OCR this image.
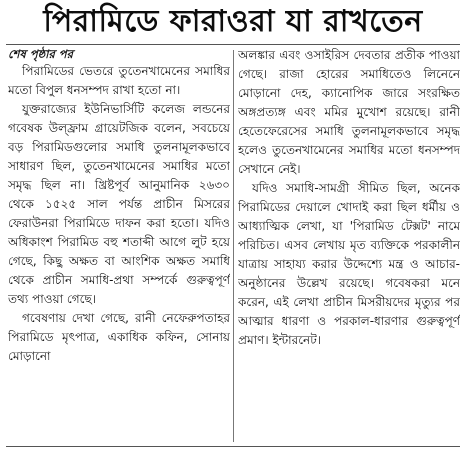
পিরামিডে ফারাওরা যা রাখতেন

শেষ পৃষ্ঠার পর

পিরামিডের ভেতরে তুতেনখামেনের সমাধির মতো বিপুল ধনসম্পদ রাখা হতো না।

যুক্তরাজ্যের ইউনিভার্সিটি কলেজ লন্ডনের গবেষক উল্ফ্রাম গ্রায়েটজিক বলেন, সবচেয়ে বড় পিরামিডগুলোর সমাধি তুলনামূলকভাবে সাধারণ ছিল, তুতেনখামেনের সমাধির মতো সমৃদ্ধ ছিল না। খ্রিষ্টপূর্ব আনুমানিক ২৬৩০ থেকে ১৫২৫ সাল পর্যন্ত প্রাচীন মিসরের ফেরাউনরা পিরামিডে দাফন করা হতো। যদিও অধিকাংশ পিরামিড বহু শতাব্দী আগে লুট হয়ে গেছে, কিছু অক্ষত বা আংশিক অক্ষত সমাধি থেকে প্রাচীন সমাধি-প্রথা সম্পর্কে গুরুত্বপূর্ণ তথ্য পাওয়া গেছে।

গবেষণায় দেখা গেছে, রানী নেফেরুপতাহর পিরামিডে মৃৎপাত্র, একাধিক কফিন, সোনায় মোড়ানো

অলঙ্কার এবং ওসাইরিস দেবতার প্রতীক পাওয়া গেছে। রাজা হোরের সমাধিতেও লিনেনে মোড়ানো দেহ, ক্যানোপিক জারে সংরক্ষিত অঙ্গপ্রত্যঙ্গ এবং মমির মুখোশ রয়েছে। রানী হেতেফেরেসের সমাধি তুলনামূলকভাবে সমৃদ্ধ হলেও তুতেনখামেনের সমাধির মতো ধনসম্পদ সেখানে নেই।

যদিও সমাধি-সামগ্রী সীমিত ছিল, অনেক পিরামিডের দেয়ালে খোদাই করা ছিল ধর্মীয় ও আধ্যাত্মিক লেখা, যা 'পিরামিড টেক্সট' নামে পরিচিত। এসব লেখায় মৃত ব্যক্তিকে পরকালীন যাত্রায় সাহায্য করার উদ্দেশ্যে মন্ত্র ও আচার-অনুষ্ঠানের উল্লেখ রয়েছে। গবেষকরা মনে করেন, এই লেখা প্রাচীন মিসরীয়দের মৃত্যুর পর আত্মার ধারণা ও পরকাল-ধারণার গুরুত্বপূর্ণ প্রমাণ। ইন্টারনেট।
